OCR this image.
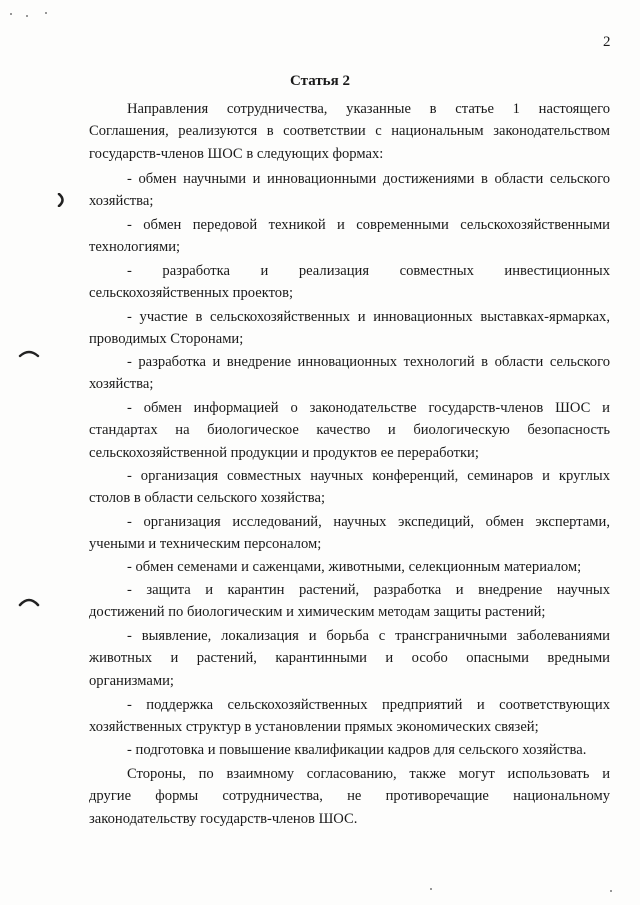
2
Статья 2
Направления сотрудничества, указанные в статье 1 настоящего
Соглашения, реализуются в соответствии с национальным законодательством
государств-членов ШОС в следующих формах:
- обмен научными и инновационными достижениями в области сельского
хозяйства;
- обмен передовой техникой и современными сельскохозяйственными
технологиями;
- разработка и реализация совместных инвестиционных
сельскохозяйственных проектов;
- участие в сельскохозяйственных и инновационных выставках-ярмарках,
проводимых Сторонами;
- разработка и внедрение инновационных технологий в области сельского
хозяйства;
- обмен информацией о законодательстве государств-членов ШОС и
стандартах на биологическое качество и биологическую безопасность
сельскохозяйственной продукции и продуктов ее переработки;
- организация совместных научных конференций, семинаров и круглых
столов в области сельского хозяйства;
- организация исследований, научных экспедиций, обмен экспертами,
учеными и техническим персоналом;
- обмен семенами и саженцами, животными, селекционным материалом;
- защита и карантин растений, разработка и внедрение научных
достижений по биологическим и химическим методам защиты растений;
- выявление, локализация и борьба с трансграничными заболеваниями
животных и растений, карантинными и особо опасными вредными
организмами;
- поддержка сельскохозяйственных предприятий и соответствующих
хозяйственных структур в установлении прямых экономических связей;
- подготовка и повышение квалификации кадров для сельского хозяйства.
Стороны, по взаимному согласованию, также могут использовать и
другие формы сотрудничества, не противоречащие национальному
законодательству государств-членов ШОС.
